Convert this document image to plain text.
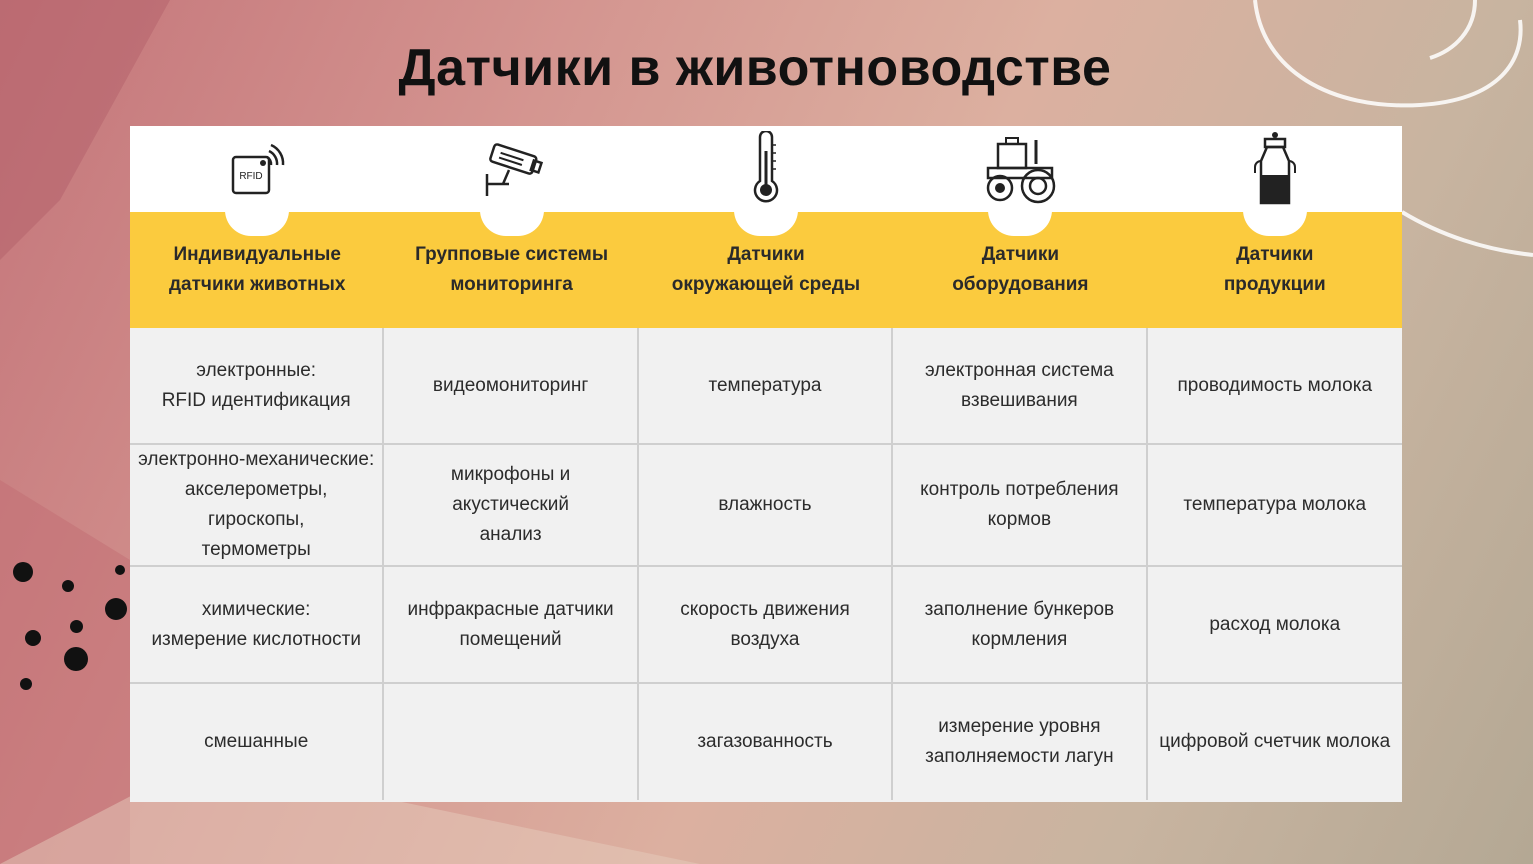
Датчики в животноводстве
RFID
Индивидуальные
датчики животных
Групповые системы
мониторинга
Датчики
окружающей среды
Датчики
оборудования
Датчики
продукции
электронные:
RFID идентификация
видеомониторинг	температура
электронная система
взвешивания
проводимость молока
электронно-механические:
акселерометры, гироскопы,
термометры
микрофоны и акустический
анализ
влажность
контроль потребления
кормов
температура молока
химические:
измерение кислотности
инфракрасные датчики
помещений
скорость движения воздуха
заполнение бункеров
кормления
расход молока
смешанные	загазованность
измерение уровня
заполняемости лагун
цифровой счетчик молока
